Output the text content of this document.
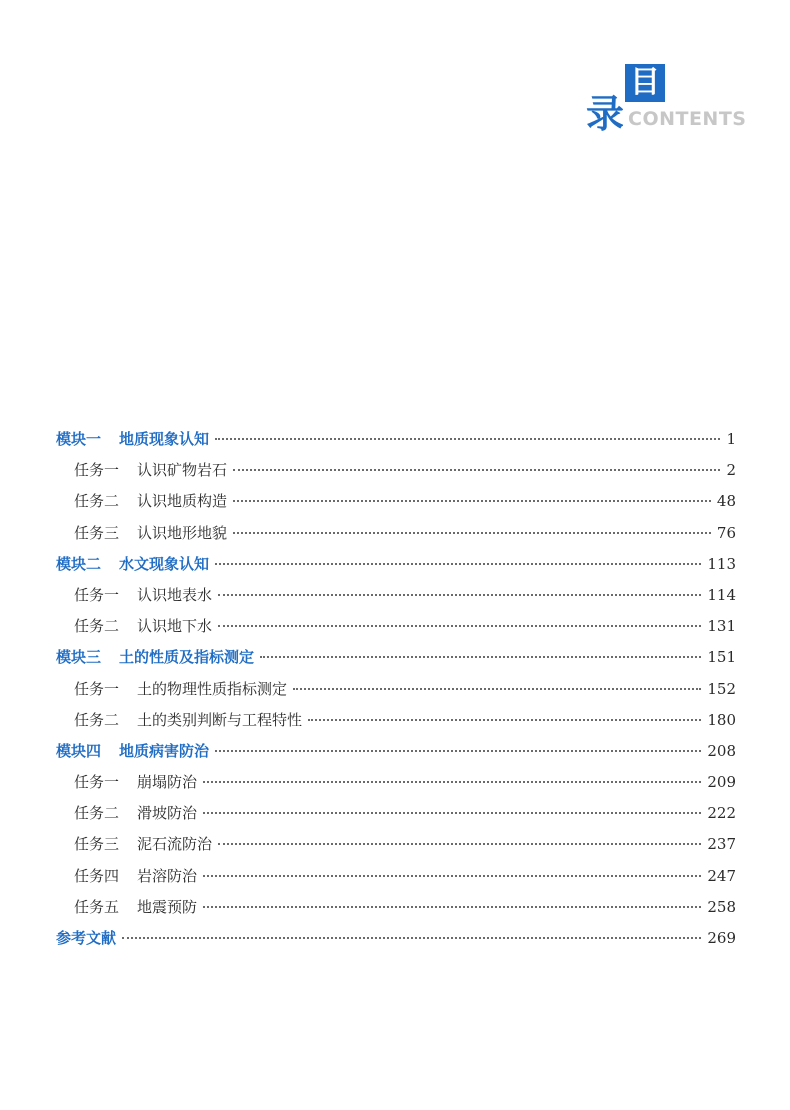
目
录 CONTENTS
模块一 地质现象认知	1
任务一 认识矿物岩石	2
任务二 认识地质构造	48
任务三 认识地形地貌	76
模块二 水文现象认知	113
任务一 认识地表水	114
任务二 认识地下水	131
模块三 土的性质及指标测定	151
任务一 土的物理性质指标测定	152
任务二 土的类别判断与工程特性	180
模块四 地质病害防治	208
任务一 崩塌防治	209
任务二 滑坡防治	222
任务三 泥石流防治	237
任务四 岩溶防治	247
任务五 地震预防	258
参考文献	269
